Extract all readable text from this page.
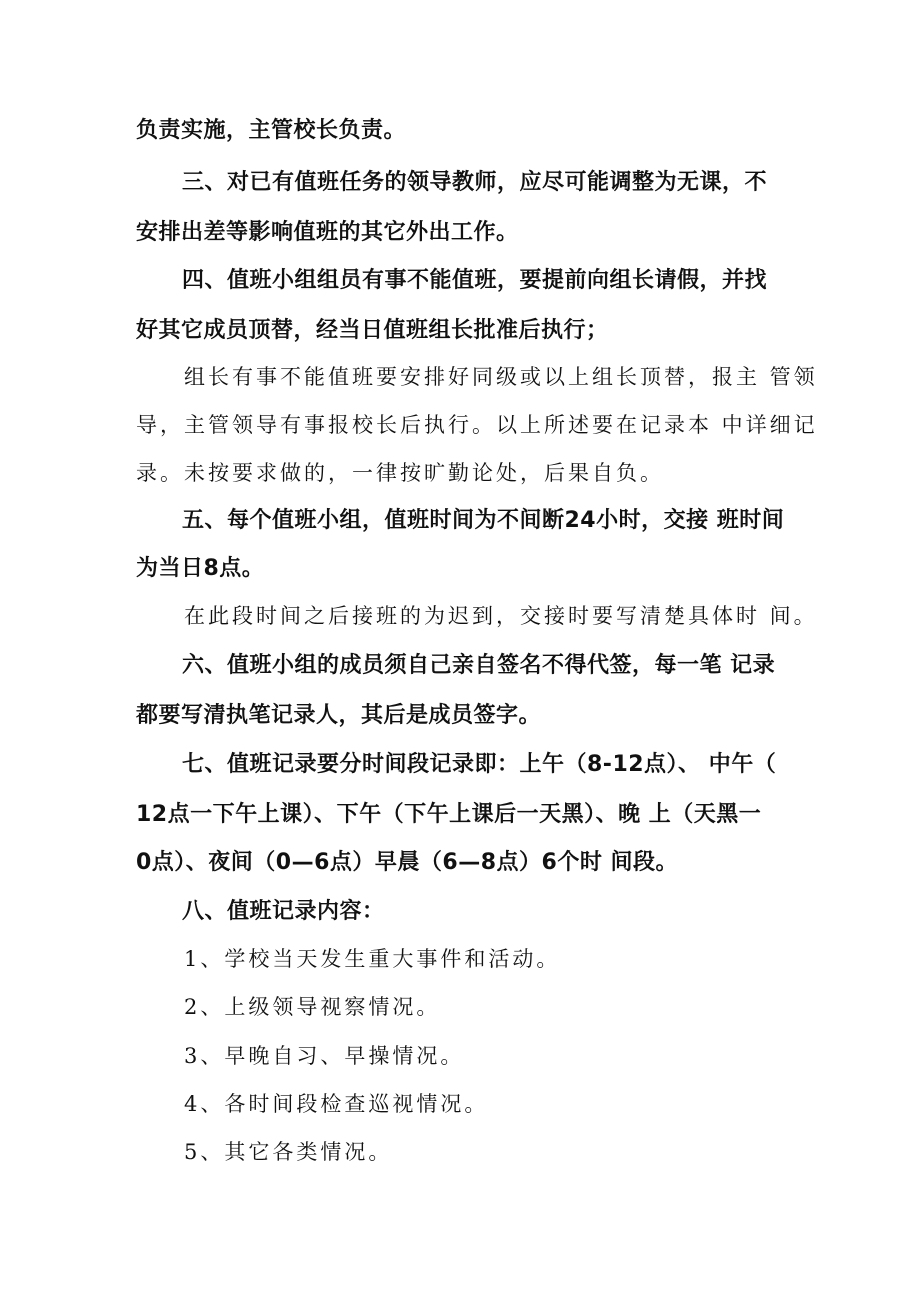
负责实施，主管校长负责。
三、对已有值班任务的领导教师，应尽可能调整为无课，不
安排出差等影响值班的其它外出工作。
四、值班小组组员有事不能值班，要提前向组长请假，并找
好其它成员顶替，经当日值班组长批准后执行；
组长有事不能值班要安排好同级或以上组长顶替，报主 管领
导，主管领导有事报校长后执行。以上所述要在记录本 中详细记
录。未按要求做的，一律按旷勤论处，后果自负。
五、每个值班小组，值班时间为不间断24小时，交接 班时间
为当日8点。
在此段时间之后接班的为迟到，交接时要写清楚具体时 间。
六、值班小组的成员须自己亲自签名不得代签，每一笔 记录
都要写清执笔记录人，其后是成员签字。
七、值班记录要分时间段记录即：上午（8-12点）、 中午（
12点一下午上课）、下午（下午上课后一天黑）、晚 上（天黑一
0点）、夜间（0—6点）早晨（6—8点）6个时 间段。
八、值班记录内容：
1、学校当天发生重大事件和活动。
2、上级领导视察情况。
3、早晚自习、早操情况。
4、各时间段检查巡视情况。
5、其它各类情况。
